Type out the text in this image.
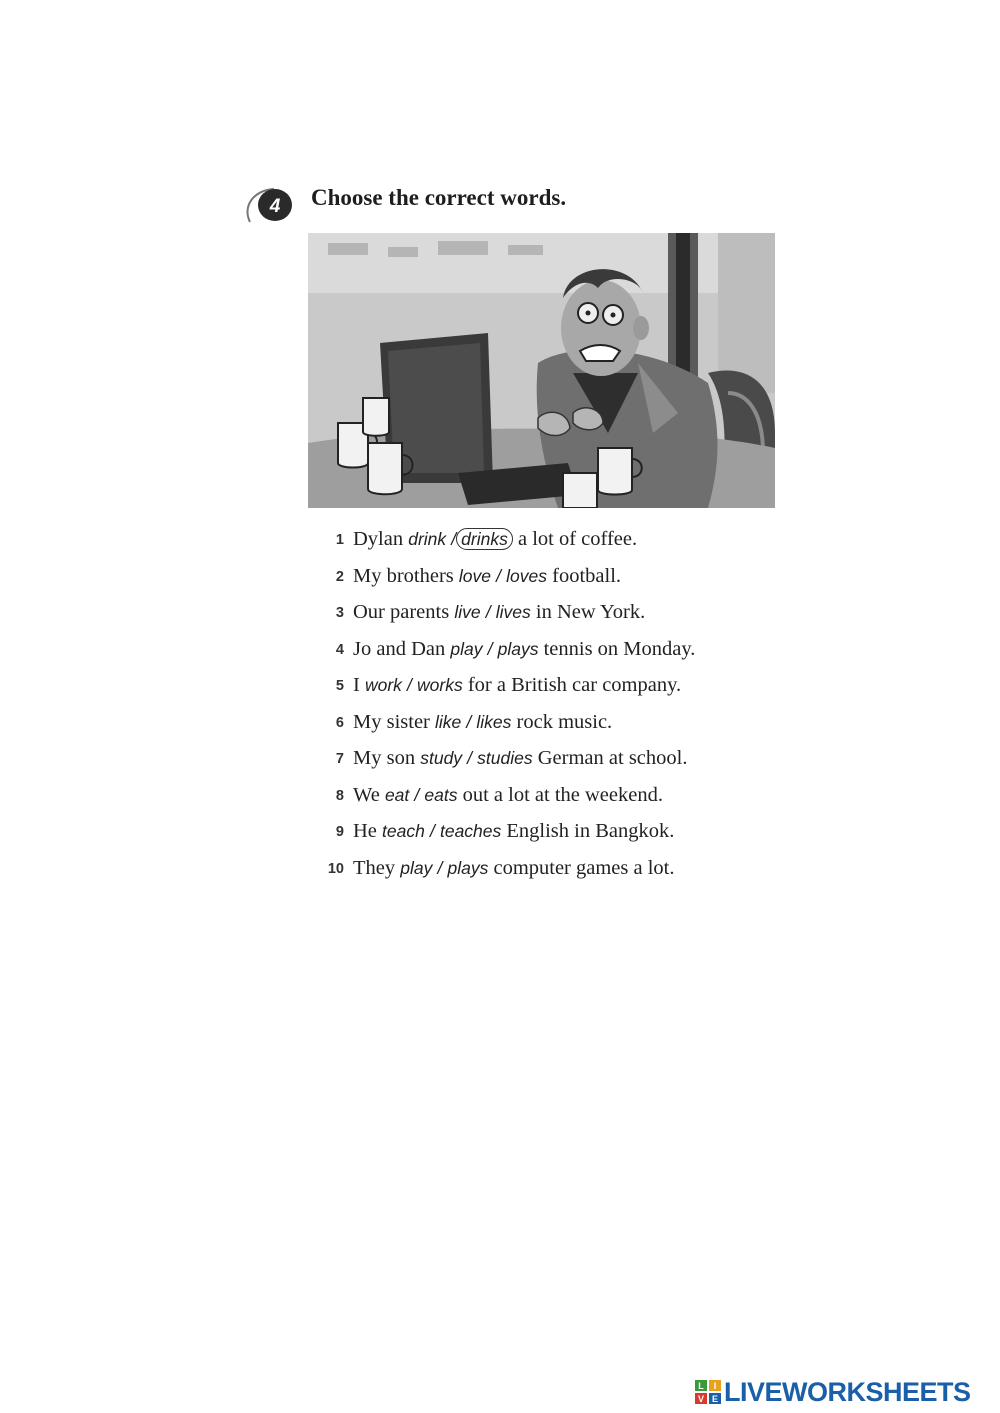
4 Choose the correct words.
1 Dylan drink / drinks a lot of coffee.
2 My brothers love / loves football.
3 Our parents live / lives in New York.
4 Jo and Dan play / plays tennis on Monday.
5 I work / works for a British car company.
6 My sister like / likes rock music.
7 My son study / studies German at school.
8 We eat / eats out a lot at the weekend.
9 He teach / teaches English in Bangkok.
10 They play / plays computer games a lot.
L I
V E LIVEWORKSHEETS
